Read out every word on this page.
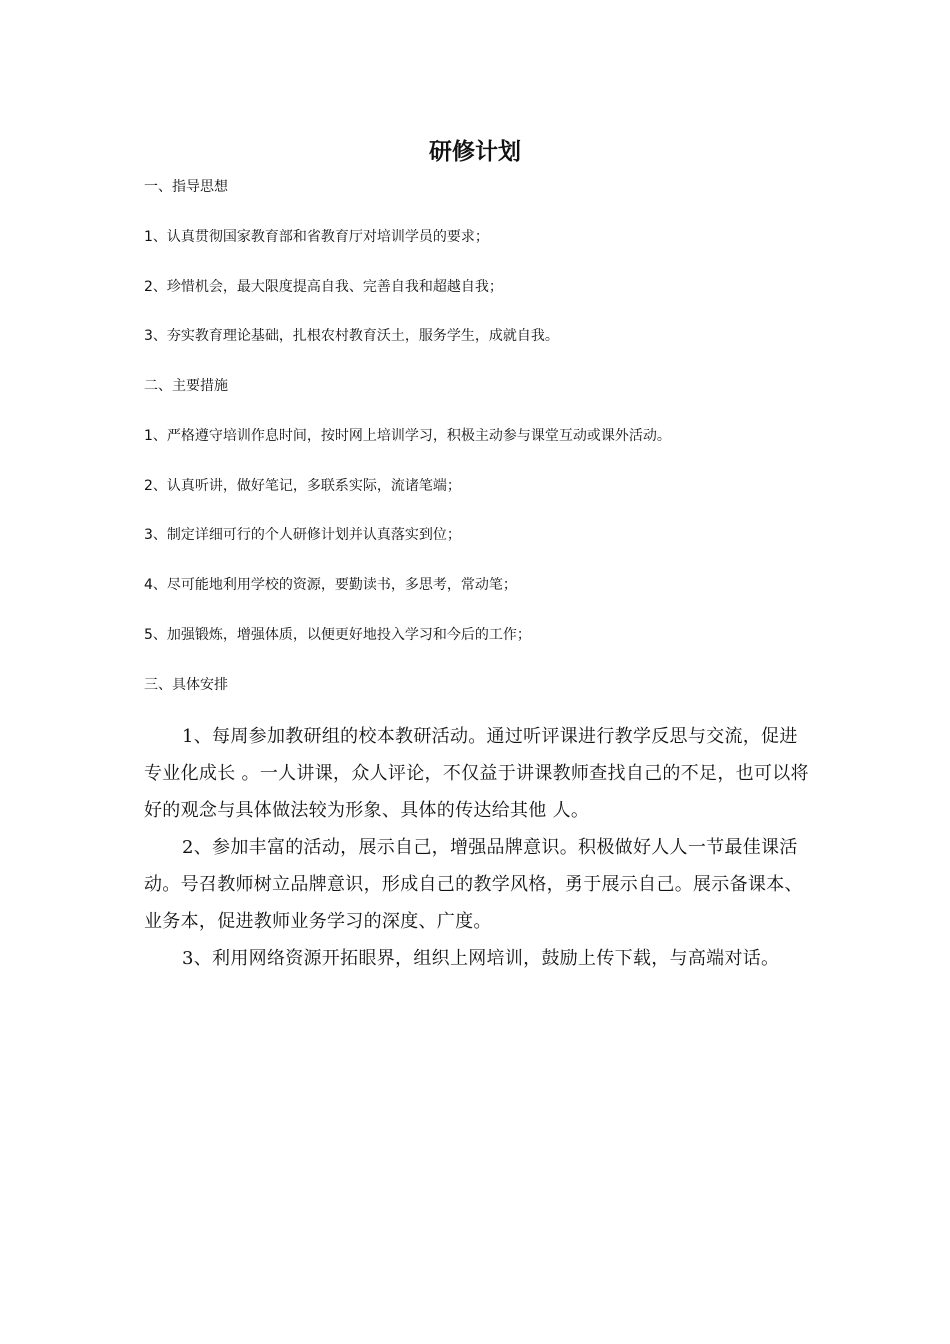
研修计划

一、指导思想

1、认真贯彻国家教育部和省教育厅对培训学员的要求；

2、珍惜机会，最大限度提高自我、完善自我和超越自我；

3、夯实教育理论基础，扎根农村教育沃土，服务学生，成就自我。

二、主要措施

1、严格遵守培训作息时间，按时网上培训学习，积极主动参与课堂互动或课外活动。

2、认真听讲，做好笔记，多联系实际，流诸笔端；

3、制定详细可行的个人研修计划并认真落实到位；

4、尽可能地利用学校的资源，要勤读书，多思考，常动笔；

5、加强锻炼，增强体质，以便更好地投入学习和今后的工作；

三、具体安排

1、每周参加教研组的校本教研活动。通过听评课进行教学反思与交流，促进专业化成长 。一人讲课，众人评论，不仅益于讲课教师查找自己的不足，也可以将好的观念与具体做法较为形象、具体的传达给其他 人。

2、参加丰富的活动，展示自己，增强品牌意识。积极做好人人一节最佳课活动。号召教师树立品牌意识，形成自己的教学风格，勇于展示自己。展示备课本、业务本，促进教师业务学习的深度、广度。

3、利用网络资源开拓眼界，组织上网培训，鼓励上传下载，与高端对话。
